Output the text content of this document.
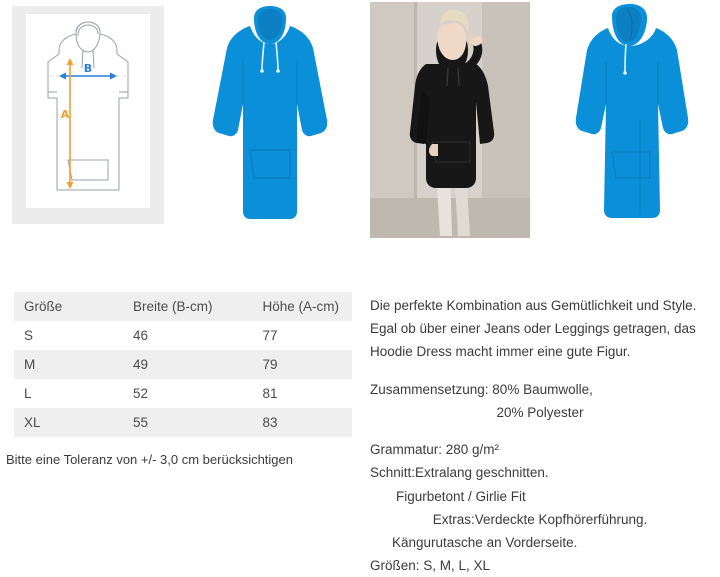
B
A
Größe	Breite (B-cm)	Höhe (A-cm)
S	46	77
M	49	79
L	52	81
XL	55	83
Bitte eine Toleranz von +/- 3,0 cm berücksichtigen

Die perfekte Kombination aus Gemütlichkeit und Style. Egal ob über einer Jeans oder Leggings getragen, das Hoodie Dress macht immer eine gute Figur.

Zusammensetzung: 80% Baumwolle,

20% Polyester

Grammatur: 280 g/m²

Schnitt:Extralang geschnitten.

Figurbetont / Girlie Fit

Extras:Verdeckte Kopfhörerführung.

Kängurutasche an Vorderseite.

Größen: S, M, L, XL
